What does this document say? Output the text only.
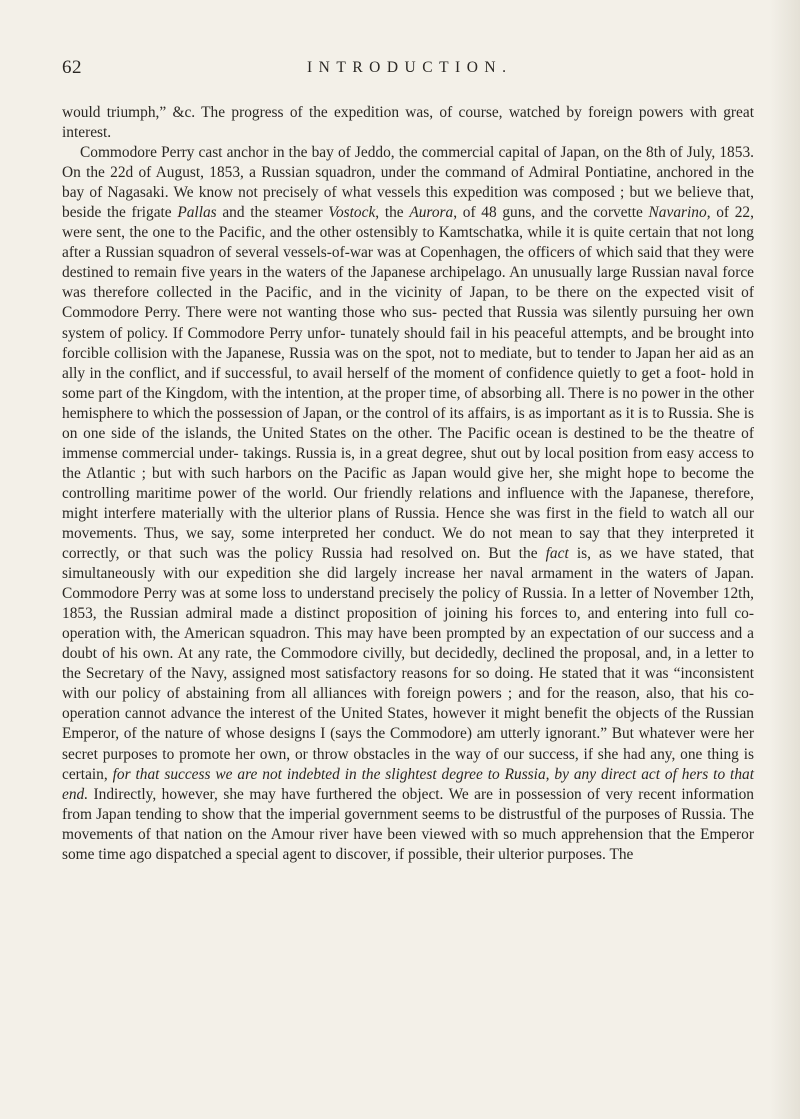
62	INTRODUCTION.

would triumph,” &c. The progress of the expedition was, of course, watched by foreign powers with great interest.

Commodore Perry cast anchor in the bay of Jeddo, the commercial capital of Japan, on the 8th of July, 1853. On the 22d of August, 1853, a Russian squadron, under the command of Admiral Pontiatine, anchored in the bay of Nagasaki. We know not precisely of what vessels this expedition was composed ; but we believe that, beside the frigate Pallas and the steamer Vostock, the Aurora, of 48 guns, and the corvette Navarino, of 22, were sent, the one to the Pacific, and the other ostensibly to Kamtschatka, while it is quite certain that not long after a Russian squadron of several vessels-of-war was at Copenhagen, the officers of which said that they were destined to remain five years in the waters of the Japanese archipelago. An unusually large Russian naval force was therefore collected in the Pacific, and in the vicinity of Japan, to be there on the expected visit of Commodore Perry. There were not wanting those who sus- pected that Russia was silently pursuing her own system of policy. If Commodore Perry unfor- tunately should fail in his peaceful attempts, and be brought into forcible collision with the Japanese, Russia was on the spot, not to mediate, but to tender to Japan her aid as an ally in the conflict, and if successful, to avail herself of the moment of confidence quietly to get a foot- hold in some part of the Kingdom, with the intention, at the proper time, of absorbing all. There is no power in the other hemisphere to which the possession of Japan, or the control of its affairs, is as important as it is to Russia. She is on one side of the islands, the United States on the other. The Pacific ocean is destined to be the theatre of immense commercial under- takings. Russia is, in a great degree, shut out by local position from easy access to the Atlantic ; but with such harbors on the Pacific as Japan would give her, she might hope to become the controlling maritime power of the world. Our friendly relations and influence with the Japanese, therefore, might interfere materially with the ulterior plans of Russia. Hence she was first in the field to watch all our movements. Thus, we say, some interpreted her conduct. We do not mean to say that they interpreted it correctly, or that such was the policy Russia had resolved on. But the fact is, as we have stated, that simultaneously with our expedition she did largely increase her naval armament in the waters of Japan. Commodore Perry was at some loss to understand precisely the policy of Russia. In a letter of November 12th, 1853, the Russian admiral made a distinct proposition of joining his forces to, and entering into full co-operation with, the American squadron. This may have been prompted by an expectation of our success and a doubt of his own. At any rate, the Commodore civilly, but decidedly, declined the proposal, and, in a letter to the Secretary of the Navy, assigned most satisfactory reasons for so doing. He stated that it was “inconsistent with our policy of abstaining from all alliances with foreign powers ; and for the reason, also, that his co-operation cannot advance the interest of the United States, however it might benefit the objects of the Russian Emperor, of the nature of whose designs I (says the Commodore) am utterly ignorant.” But whatever were her secret purposes to promote her own, or throw obstacles in the way of our success, if she had any, one thing is certain, for that success we are not indebted in the slightest degree to Russia, by any direct act of hers to that end. Indirectly, however, she may have furthered the object. We are in possession of very recent information from Japan tending to show that the imperial government seems to be distrustful of the purposes of Russia. The movements of that nation on the Amour river have been viewed with so much apprehension that the Emperor some time ago dispatched a special agent to discover, if possible, their ulterior purposes. The
